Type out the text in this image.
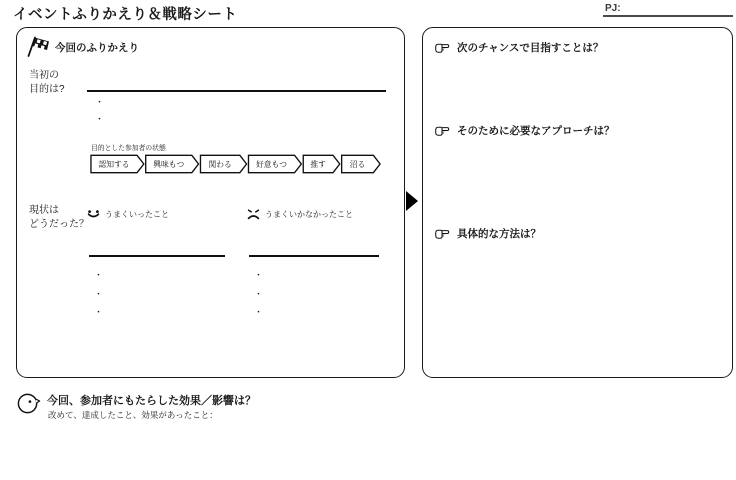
イベントふりかえり＆戦略シート	PJ:
今回のふりかえり
当初の
目的は?
・
・
目的とした参加者の状態
認知する	興味もつ	関わる	好意もつ	推す	沼る
現状は
どうだった？
うまくいったこと	うまくいかなかったこと
・
・
・
・
・
・
次のチャンスで目指すことは？
そのために必要なアプローチは？
具体的な方法は？
今回、参加者にもたらした効果／影響は？
改めて、達成したこと、効果があったこと：
